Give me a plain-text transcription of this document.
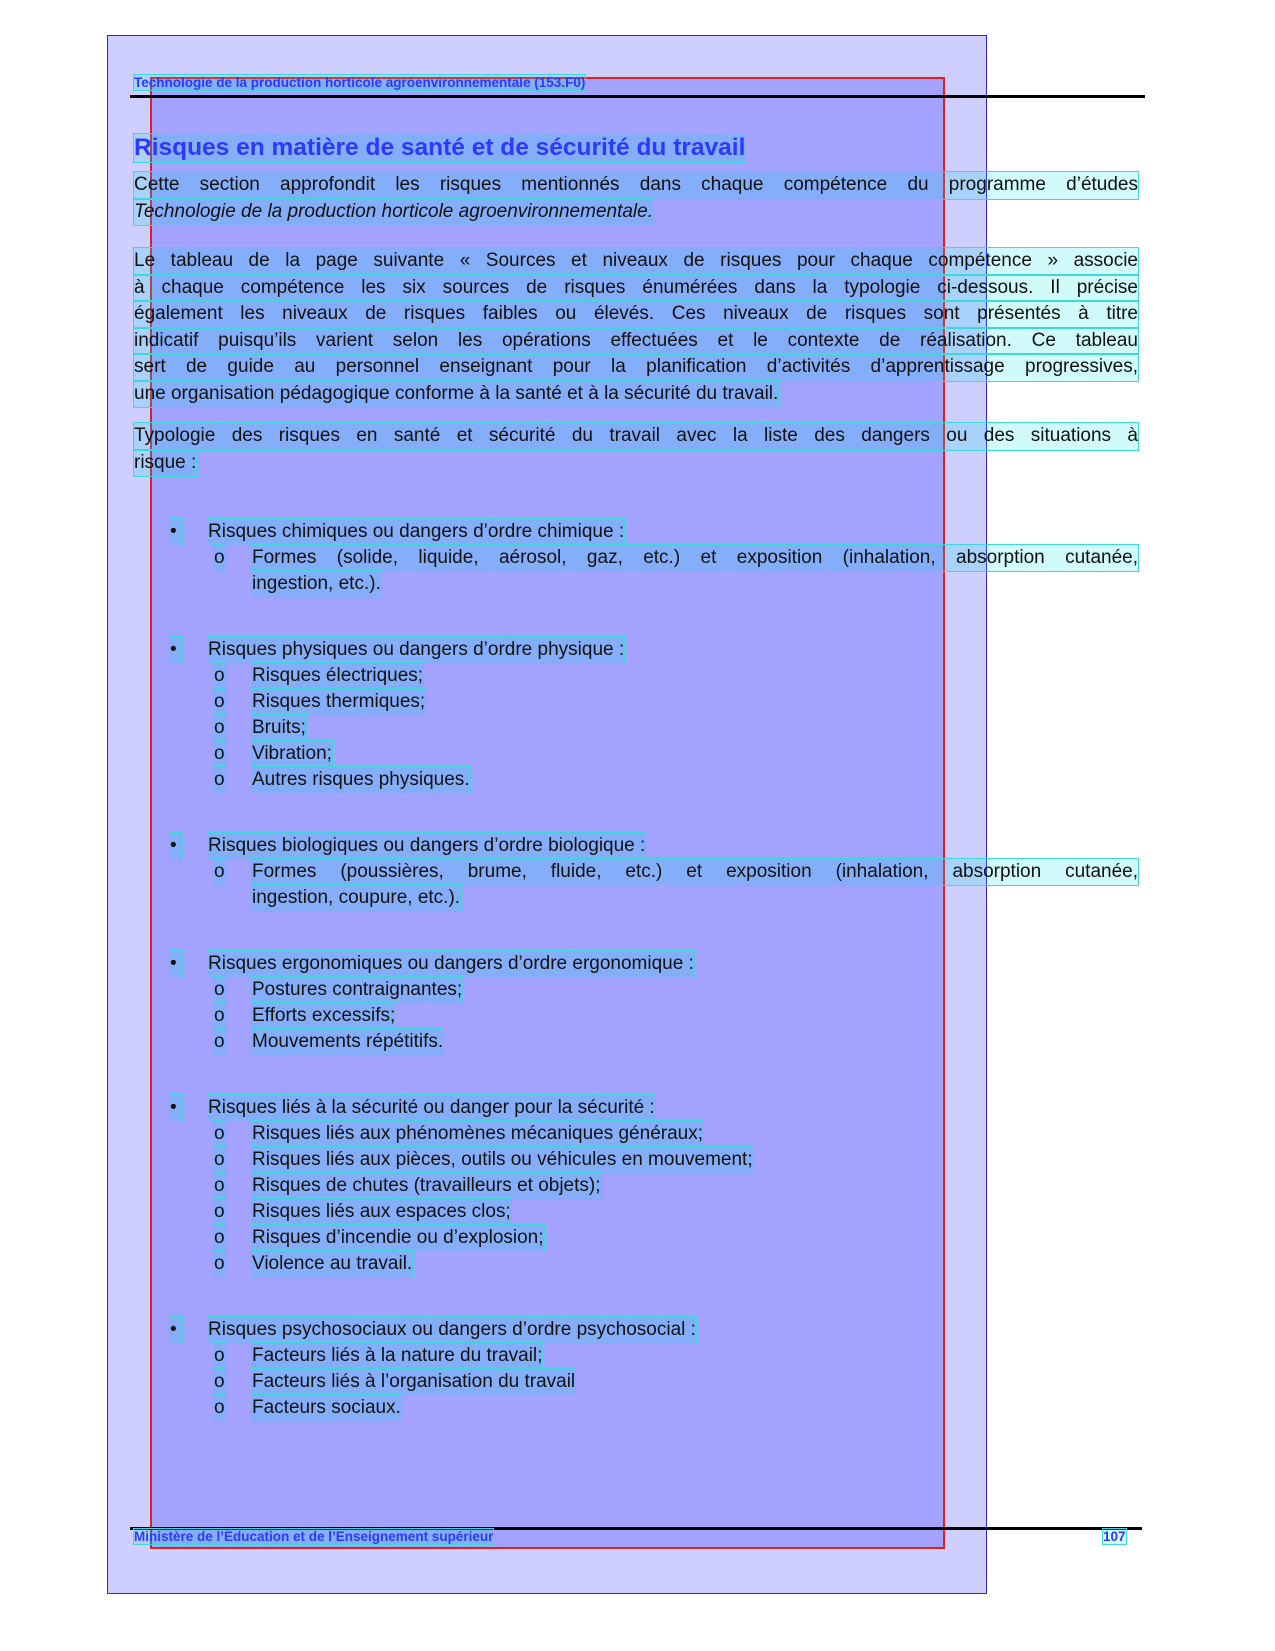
Technologie de la production horticole agroenvironnementale (153.F0)
Risques en matière de santé et de sécurité du travail
Cette section approfondit les risques mentionnés dans chaque compétence du programme d’études
Technologie de la production horticole agroenvironnementale.
Le tableau de la page suivante « Sources et niveaux de risques pour chaque compétence » associe
à chaque compétence les six sources de risques énumérées dans la typologie ci-dessous. Il précise
également les niveaux de risques faibles ou élevés. Ces niveaux de risques sont présentés à titre
indicatif puisqu’ils varient selon les opérations effectuées et le contexte de réalisation. Ce tableau
sert de guide au personnel enseignant pour la planification d’activités d’apprentissage progressives,
une organisation pédagogique conforme à la santé et à la sécurité du travail.
Typologie des risques en santé et sécurité du travail avec la liste des dangers ou des situations à
risque :
• Risques chimiques ou dangers d’ordre chimique :
o Formes (solide, liquide, aérosol, gaz, etc.) et exposition (inhalation, absorption cutanée,
ingestion, etc.).
• Risques physiques ou dangers d’ordre physique :
o Risques électriques;
o Risques thermiques;
o Bruits;
o Vibration;
o Autres risques physiques.
• Risques biologiques ou dangers d’ordre biologique :
o Formes (poussières, brume, fluide, etc.) et exposition (inhalation, absorption cutanée,
ingestion, coupure, etc.).
• Risques ergonomiques ou dangers d’ordre ergonomique :
o Postures contraignantes;
o Efforts excessifs;
o Mouvements répétitifs.
• Risques liés à la sécurité ou danger pour la sécurité :
o Risques liés aux phénomènes mécaniques généraux;
o Risques liés aux pièces, outils ou véhicules en mouvement;
o Risques de chutes (travailleurs et objets);
o Risques liés aux espaces clos;
o Risques d’incendie ou d’explosion;
o Violence au travail.
• Risques psychosociaux ou dangers d’ordre psychosocial :
o Facteurs liés à la nature du travail;
o Facteurs liés à l’organisation du travail
o Facteurs sociaux.
Ministère de l’Éducation et de l’Enseignement supérieur	107
